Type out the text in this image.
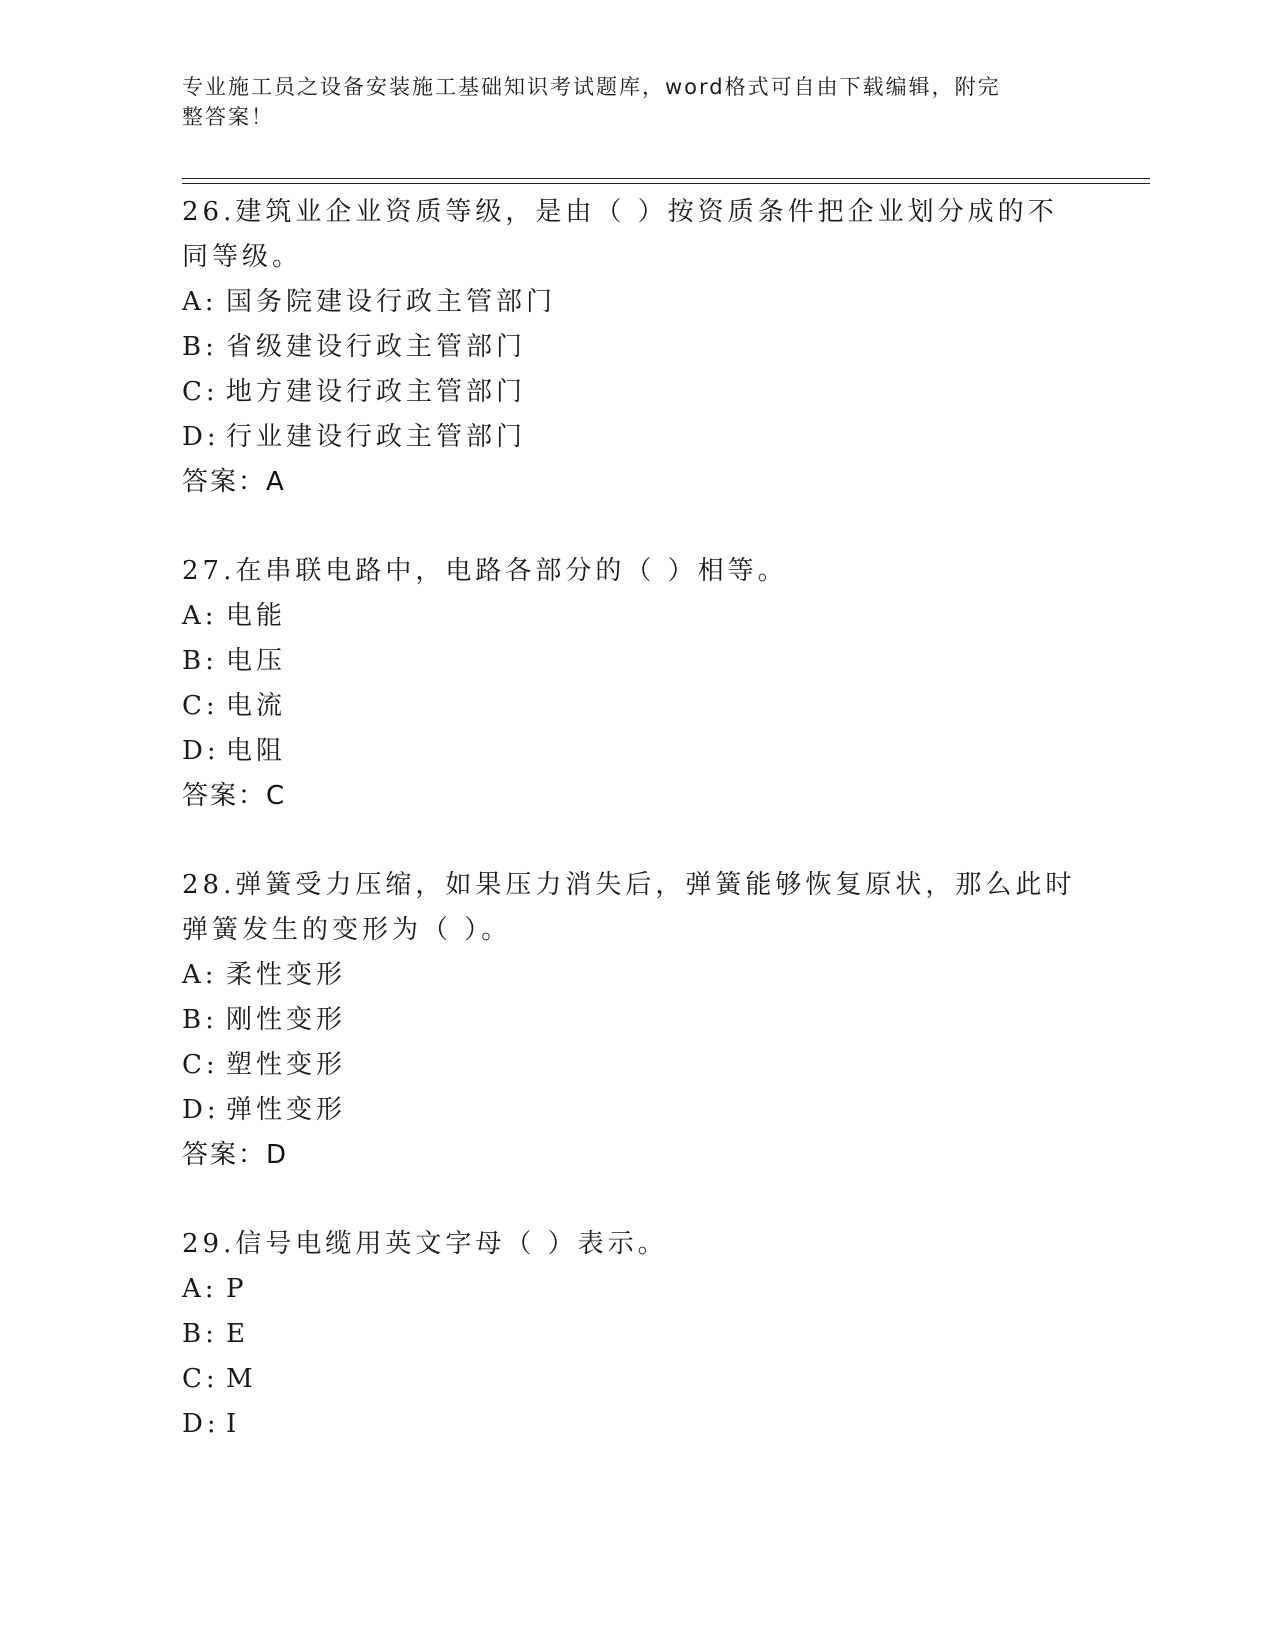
专业施工员之设备安装施工基础知识考试题库，word格式可自由下载编辑，附完
整答案！

26.建筑业企业资质等级，是由（ ）按资质条件把企业划分成的不同等级。

A: 国务院建设行政主管部门
B: 省级建设行政主管部门
C: 地方建设行政主管部门
D: 行业建设行政主管部门
答案：A

27.在串联电路中，电路各部分的（ ）相等。

A: 电能
B: 电压
C: 电流
D: 电阻
答案：C

28.弹簧受力压缩，如果压力消失后，弹簧能够恢复原状，那么此时弹簧发生的变形为（ ）。

A: 柔性变形
B: 刚性变形
C: 塑性变形
D: 弹性变形
答案：D

29.信号电缆用英文字母（ ）表示。

A: P
B: E
C: M
D: I
